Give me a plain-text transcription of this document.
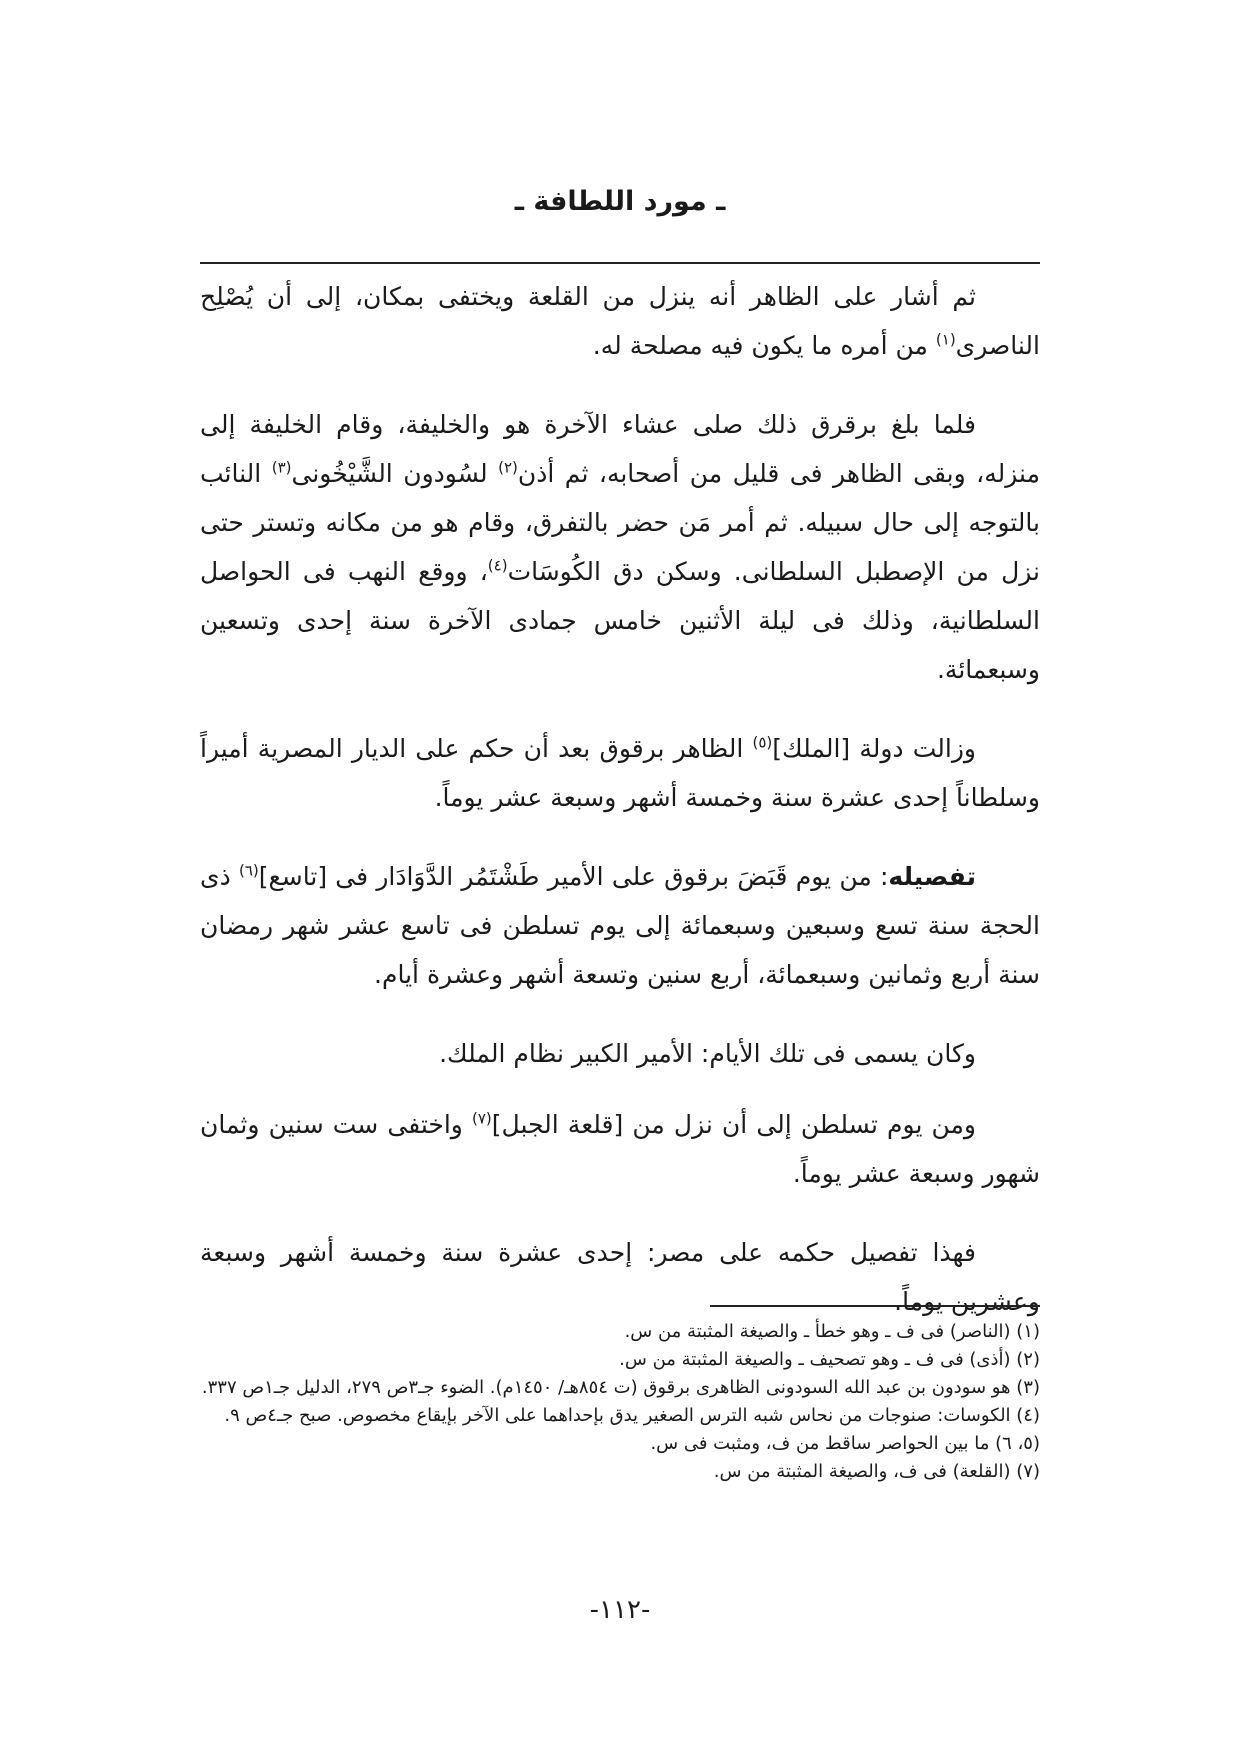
ـ مورد اللطافة ـ

ثم أشار على الظاهر أنه ينزل من القلعة ويختفى بمكان، إلى أن يُصْلِح الناصرى$^{(١)}$ من أمره ما يكون فيه مصلحة له.

فلما بلغ برقرق ذلك صلى عشاء الآخرة هو والخليفة، وقام الخليفة إلى منزله، وبقى الظاهر فى قليل من أصحابه، ثم أذن$^{(٢)}$ لسُودون الشَّيْخُونى$^{(٣)}$ النائب بالتوجه إلى حال سبيله. ثم أمر مَن حضر بالتفرق، وقام هو من مكانه وتستر حتى نزل من الإصطبل السلطانى. وسكن دق الكُوسَات$^{(٤)}$، ووقع النهب فى الحواصل السلطانية، وذلك فى ليلة الأثنين خامس جمادى الآخرة سنة إحدى وتسعين وسبعمائة.

وزالت دولة [الملك]$^{(٥)}$ الظاهر برقوق بعد أن حكم على الديار المصرية أميراً وسلطاناً إحدى عشرة سنة وخمسة أشهر وسبعة عشر يوماً.

تفصيله: من يوم قَبَضَ برقوق على الأمير طَشْتَمُر الدَّوَادَار فى [تاسع]$^{(٦)}$ ذى الحجة سنة تسع وسبعين وسبعمائة إلى يوم تسلطن فى تاسع عشر شهر رمضان سنة أربع وثمانين وسبعمائة، أربع سنين وتسعة أشهر وعشرة أيام.

وكان يسمى فى تلك الأيام: الأمير الكبير نظام الملك.

ومن يوم تسلطن إلى أن نزل من [قلعة الجبل]$^{(٧)}$ واختفى ست سنين وثمان شهور وسبعة عشر يوماً.

فهذا تفصيل حكمه على مصر: إحدى عشرة سنة وخمسة أشهر وسبعة وعشرين يوماً.

(١) (الناصر) فى ف ـ وهو خطأ ـ والصيغة المثبتة من س.

(٢) (أذى) فى ف ـ وهو تصحيف ـ والصيغة المثبتة من س.

(٣) هو سودون بن عبد الله السودونى الظاهرى برقوق (ت ٨٥٤هـ/ ١٤٥٠م). الضوء جـ٣ص ٢٧٩، الدليل جـ١ص ٣٣٧.

(٤) الكوسات: صنوجات من نحاس شبه الترس الصغير يدق بإحداهما على الآخر بإيقاع مخصوص. صبح جـ٤ص ٩.

(٥، ٦) ما بين الحواصر ساقط من ف، ومثبت فى س.

(٧) (القلعة) فى ف، والصيغة المثبتة من س.

-١١٢-
